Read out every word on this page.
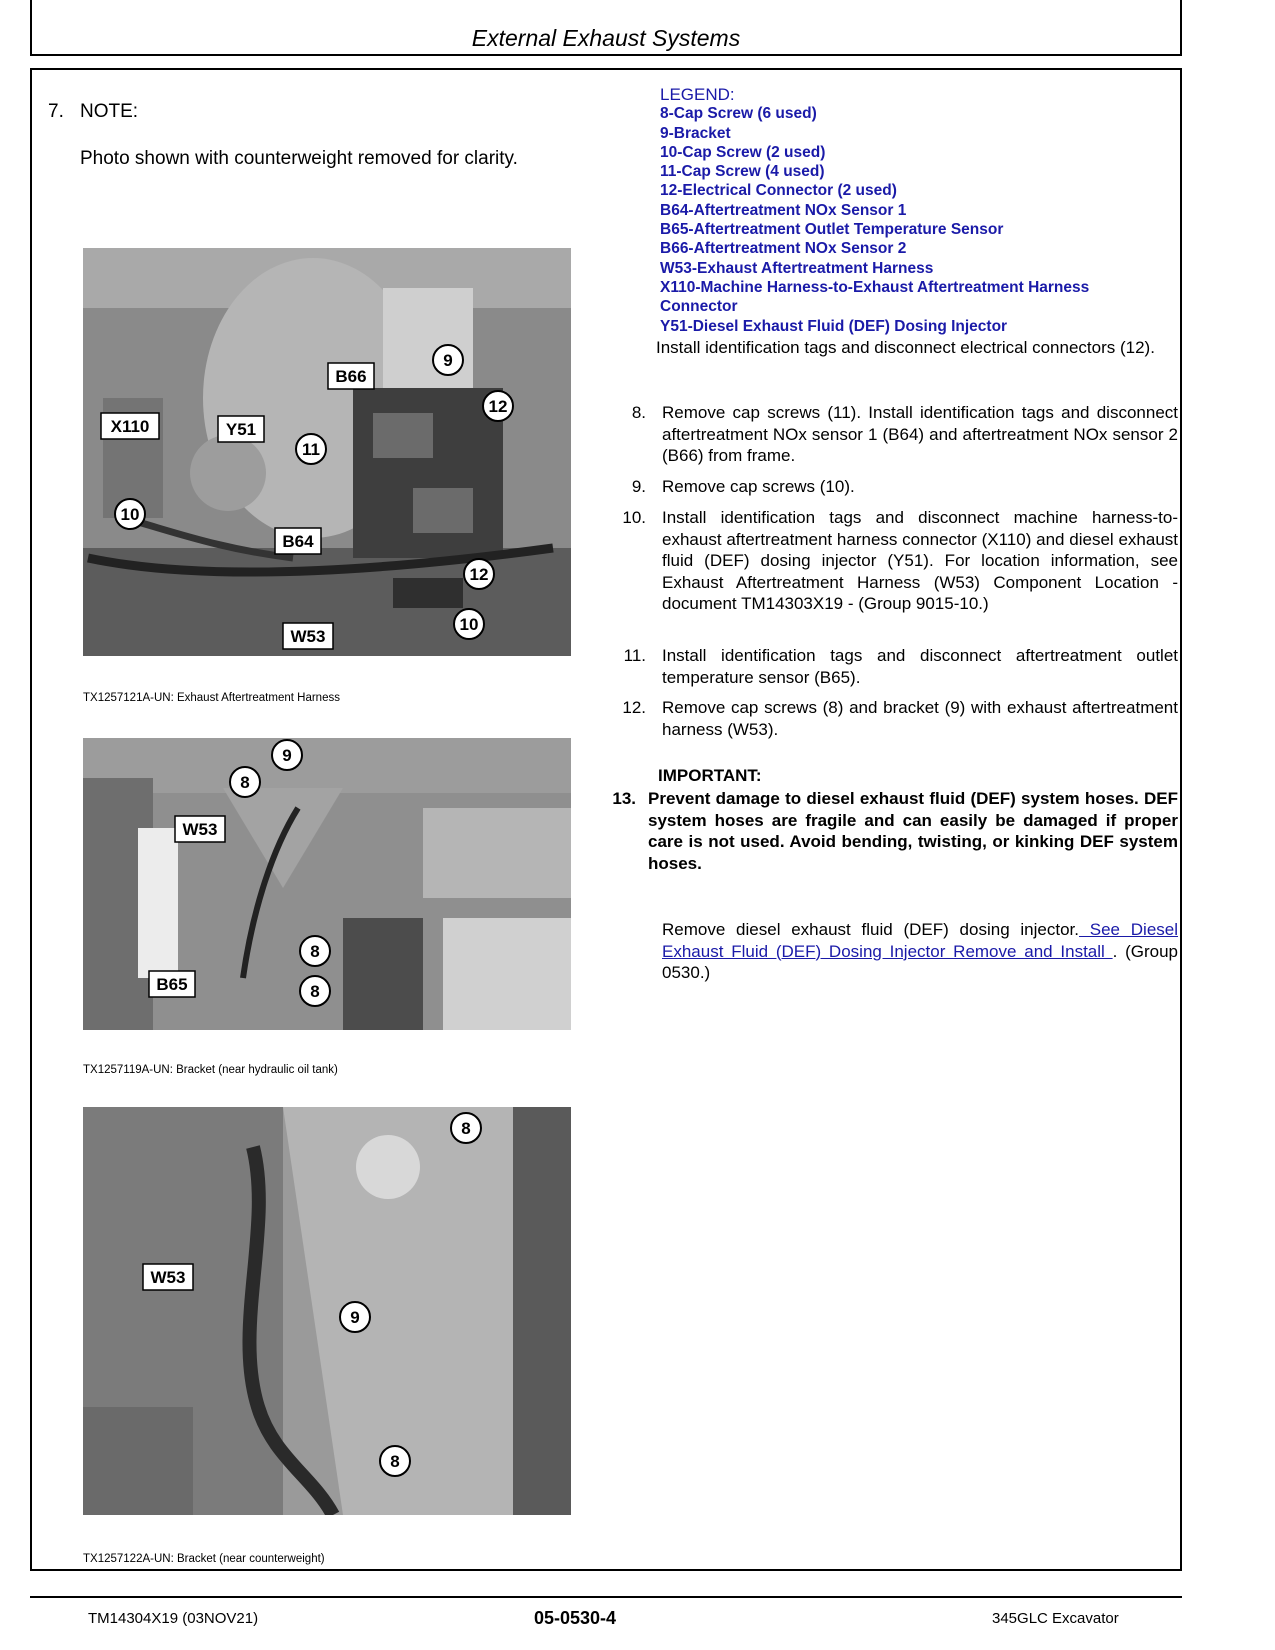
External Exhaust Systems
7. NOTE:
Photo shown with counterweight removed for clarity.
B66
9
12
X110	Y51
11
10
B64
12
W53
10
TX1257121A-UN: Exhaust Aftertreatment Harness
9
8
W53
8
B65	8
TX1257119A-UN: Bracket (near hydraulic oil tank)
8
W53
9
8
TX1257122A-UN: Bracket (near counterweight)
LEGEND:
8-Cap Screw (6 used)
9-Bracket
10-Cap Screw (2 used)
11-Cap Screw (4 used)
12-Electrical Connector (2 used)
B64-Aftertreatment NOx Sensor 1
B65-Aftertreatment Outlet Temperature Sensor
B66-Aftertreatment NOx Sensor 2
W53-Exhaust Aftertreatment Harness
X110-Machine Harness-to-Exhaust Aftertreatment Harness
Connector
Y51-Diesel Exhaust Fluid (DEF) Dosing Injector
Install identification tags and disconnect electrical connectors (12).
8. Remove cap screws (11). Install identification tags and disconnect aftertreatment NOx sensor 1 (B64) and aftertreatment NOx sensor 2 (B66) from frame.
9. Remove cap screws (10).
10. Install identification tags and disconnect machine harness-to-exhaust aftertreatment harness connector (X110) and diesel exhaust fluid (DEF) dosing injector (Y51). For location information, see Exhaust Aftertreatment Harness (W53) Component Location - document TM14303X19 - (Group 9015-10.)
11. Install identification tags and disconnect aftertreatment outlet temperature sensor (B65).
12. Remove cap screws (8) and bracket (9) with exhaust aftertreatment harness (W53).
IMPORTANT:
13. Prevent damage to diesel exhaust fluid (DEF) system hoses. DEF system hoses are fragile and can easily be damaged if proper care is not used. Avoid bending, twisting, or kinking DEF system hoses.
Remove diesel exhaust fluid (DEF) dosing injector. See Diesel Exhaust Fluid (DEF) Dosing Injector Remove and Install . (Group 0530.)
TM14304X19 (03NOV21)	05-0530-4	345GLC Excavator
